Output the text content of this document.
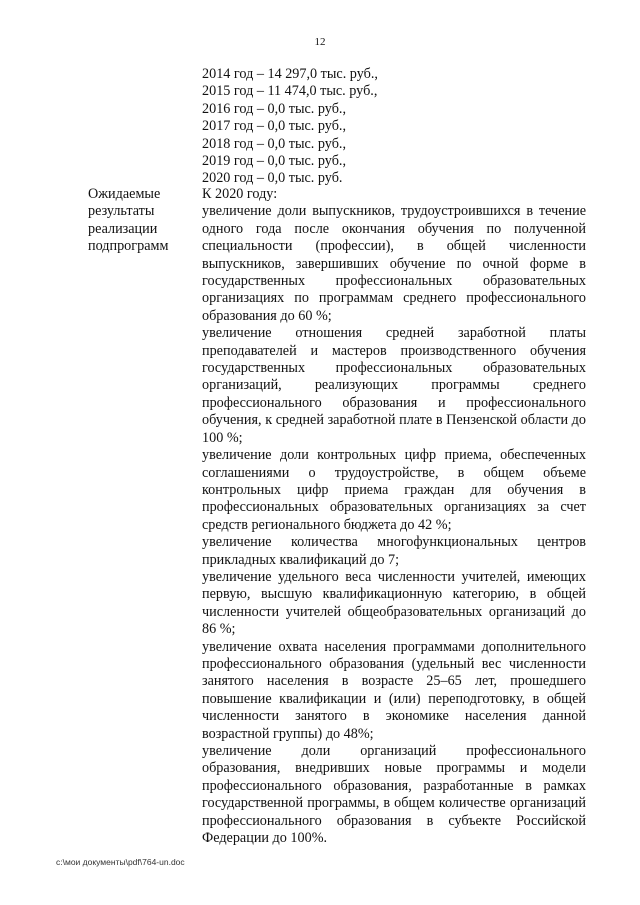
12
2014 год – 14 297,0 тыс. руб.,
2015 год – 11 474,0 тыс. руб.,
2016 год – 0,0 тыс. руб.,
2017 год – 0,0 тыс. руб.,
2018 год – 0,0 тыс. руб.,
2019 год – 0,0 тыс. руб.,
2020 год – 0,0 тыс. руб.
Ожидаемые результаты реализации подпрограмм
К 2020 году:

увеличение доли выпускников, трудоустроившихся в течение одного года после окончания обучения по полученной специальности (профессии), в общей численности выпускников, завершивших обучение по очной форме в государственных профессиональных образовательных организациях по программам среднего профессионального образования до 60 %;

увеличение отношения средней заработной платы преподавателей и мастеров производственного обучения государственных профессиональных образовательных организаций, реализующих программы среднего профессионального образования и профессионального обучения, к средней заработной плате в Пензенской области до 100 %;

увеличение доли контрольных цифр приема, обеспеченных соглашениями о трудоустройстве, в общем объеме контрольных цифр приема граждан для обучения в профессиональных образовательных организациях за счет средств регионального бюджета до 42 %;

увеличение количества многофункциональных центров прикладных квалификаций до 7;

увеличение удельного веса численности учителей, имеющих первую, высшую квалификационную категорию, в общей численности учителей общеобразовательных организаций до 86 %;

увеличение охвата населения программами дополнительного профессионального образования (удельный вес численности занятого населения в возрасте 25–65 лет, прошедшего повышение квалификации и (или) переподготовку, в общей численности занятого в экономике населения данной возрастной группы) до 48%;

увеличение доли организаций профессионального образования, внедривших новые программы и модели профессионального образования, разработанные в рамках государственной программы, в общем количестве организаций профессионального образования в субъекте Российской Федерации до 100%.

c:\мои документы\pdf\764-un.doc
